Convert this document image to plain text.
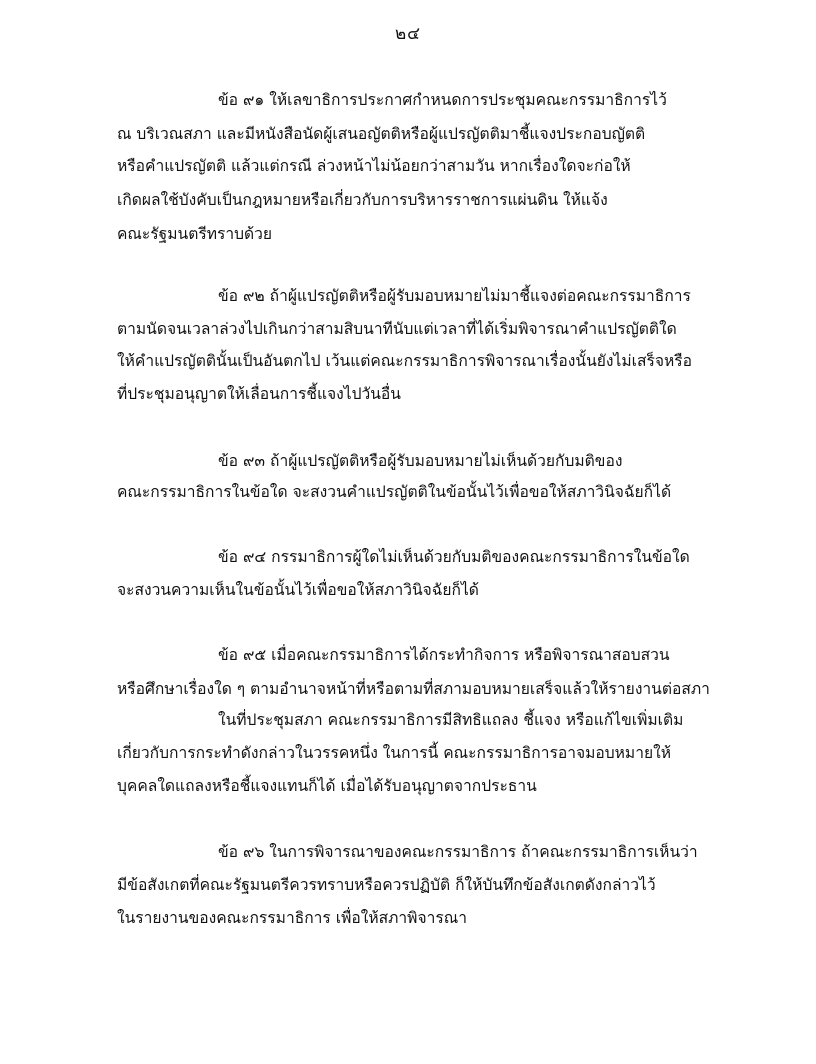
๒๔
ข้อ ๙๑ ให้เลขาธิการประกาศกำหนดการประชุมคณะกรรมาธิการไว้
ณ บริเวณสภา และมีหนังสือนัดผู้เสนอญัตติหรือผู้แปรญัตติมาชี้แจงประกอบญัตติ
หรือคำแปรญัตติ แล้วแต่กรณี ล่วงหน้าไม่น้อยกว่าสามวัน หากเรื่องใดจะก่อให้
เกิดผลใช้บังคับเป็นกฎหมายหรือเกี่ยวกับการบริหารราชการแผ่นดิน ให้แจ้ง
คณะรัฐมนตรีทราบด้วย
ข้อ ๙๒ ถ้าผู้แปรญัตติหรือผู้รับมอบหมายไม่มาชี้แจงต่อคณะกรรมาธิการ
ตามนัดจนเวลาล่วงไปเกินกว่าสามสิบนาทีนับแต่เวลาที่ได้เริ่มพิจารณาคำแปรญัตติใด
ให้คำแปรญัตตินั้นเป็นอันตกไป เว้นแต่คณะกรรมาธิการพิจารณาเรื่องนั้นยังไม่เสร็จหรือ
ที่ประชุมอนุญาตให้เลื่อนการชี้แจงไปวันอื่น
ข้อ ๙๓ ถ้าผู้แปรญัตติหรือผู้รับมอบหมายไม่เห็นด้วยกับมติของ
คณะกรรมาธิการในข้อใด จะสงวนคำแปรญัตติในข้อนั้นไว้เพื่อขอให้สภาวินิจฉัยก็ได้
ข้อ ๙๔ กรรมาธิการผู้ใดไม่เห็นด้วยกับมติของคณะกรรมาธิการในข้อใด
จะสงวนความเห็นในข้อนั้นไว้เพื่อขอให้สภาวินิจฉัยก็ได้
ข้อ ๙๕ เมื่อคณะกรรมาธิการได้กระทำกิจการ หรือพิจารณาสอบสวน
หรือศึกษาเรื่องใด ๆ ตามอำนาจหน้าที่หรือตามที่สภามอบหมายเสร็จแล้วให้รายงานต่อสภา
ในที่ประชุมสภา คณะกรรมาธิการมีสิทธิแถลง ชี้แจง หรือแก้ไขเพิ่มเติม
เกี่ยวกับการกระทำดังกล่าวในวรรคหนึ่ง ในการนี้ คณะกรรมาธิการอาจมอบหมายให้
บุคคลใดแถลงหรือชี้แจงแทนก็ได้ เมื่อได้รับอนุญาตจากประธาน
ข้อ ๙๖ ในการพิจารณาของคณะกรรมาธิการ ถ้าคณะกรรมาธิการเห็นว่า
มีข้อสังเกตที่คณะรัฐมนตรีควรทราบหรือควรปฏิบัติ ก็ให้บันทึกข้อสังเกตดังกล่าวไว้
ในรายงานของคณะกรรมาธิการ เพื่อให้สภาพิจารณา
